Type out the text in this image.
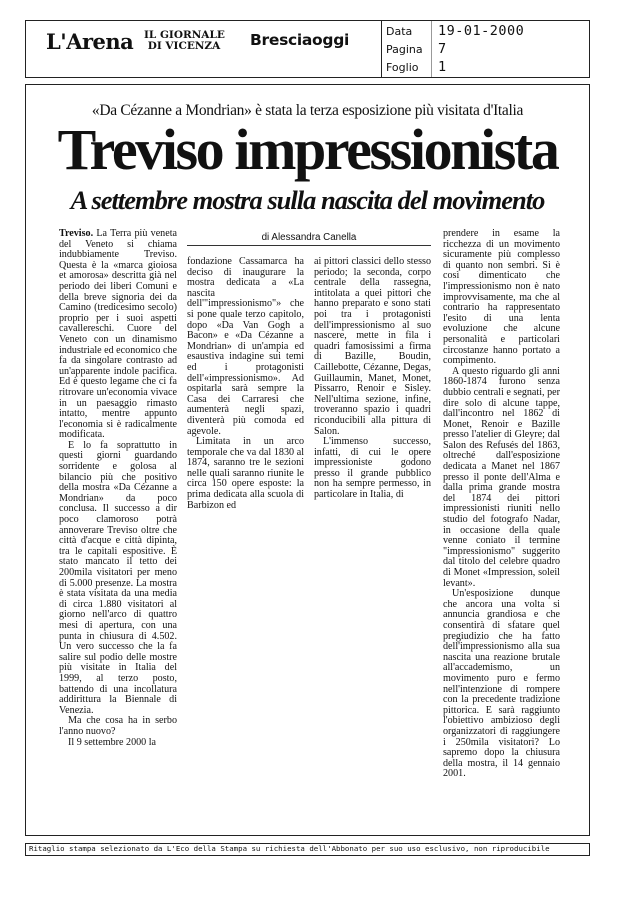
L'Arena IL GIORNALE
DI VICENZA Bresciaoggi	Data 19-01-2000
Pagina 7
Foglio 1
«Da Cézanne a Mondrian» è stata la terza esposizione più visitata d'Italia
Treviso impressionista
A settembre mostra sulla nascita del movimento
di Alessandra Canella

Treviso. La Terra più veneta del Veneto si chiama indubbiamente Treviso. Questa è la «marca gioiosa et amorosa» descritta già nel periodo dei liberi Comuni e della breve signoria dei da Camino (tredicesimo secolo) proprio per i suoi aspetti cavallereschi. Cuore del Veneto con un dinamismo industriale ed economico che fa da singolare contrasto ad un'apparente indole pacifica. Ed è questo legame che ci fa ritrovare un'economia vivace in un paesaggio rimasto intatto, mentre appunto l'economia si è radicalmente modificata.

E lo fa soprattutto in questi giorni guardando sorridente e golosa al bilancio più che positivo della mostra «Da Cézanne a Mondrian» da poco conclusa. Il successo a dir poco clamoroso potrà annoverare Treviso oltre che città d'acque e città dipinta, tra le capitali espositive. È stato mancato il tetto dei 200mila visitatori per meno di 5.000 presenze. La mostra è stata visitata da una media di circa 1.880 visitatori al giorno nell'arco di quattro mesi di apertura, con una punta in chiusura di 4.502. Un vero successo che la fa salire sul podio delle mostre più visitate in Italia del 1999, al terzo posto, battendo di una incollatura addirittura la Biennale di Venezia.

Ma che cosa ha in serbo l'anno nuovo?

Il 9 settembre 2000 la

fondazione Cassamarca ha deciso di inaugurare la mostra dedicata a «La nascita dell'"impressionismo"» che si pone quale terzo capitolo, dopo «Da Van Gogh a Bacon» e «Da Cézanne a Mondrian» di un'ampia ed esaustiva indagine sui temi ed i protagonisti dell'«impressionismo». Ad ospitarla sarà sempre la Casa dei Carraresi che aumenterà negli spazi, diventerà più comoda ed agevole.

Limitata in un arco temporale che va dal 1830 al 1874, saranno tre le sezioni nelle quali saranno riunite le circa 150 opere esposte: la prima dedicata alla scuola di Barbizon ed

ai pittori classici dello stesso periodo; la seconda, corpo centrale della rassegna, intitolata a quei pittori che hanno preparato e sono stati poi tra i protagonisti dell'impressionismo al suo nascere, mette in fila i quadri famosissimi a firma di Bazille, Boudin, Caillebotte, Cézanne, Degas, Guillaumin, Manet, Monet, Pissarro, Renoir e Sisley. Nell'ultima sezione, infine, troveranno spazio i quadri riconducibili alla pittura di Salon.

L'immenso successo, infatti, di cui le opere impressioniste godono presso il grande pubblico non ha sempre permesso, in particolare in Italia, di

prendere in esame la ricchezza di un movimento sicuramente più complesso di quanto non sembri. Si è così dimenticato che l'impressionismo non è nato improvvisamente, ma che al contrario ha rappresentato l'esito di una lenta evoluzione che alcune personalità e particolari circostanze hanno portato a compimento.

A questo riguardo gli anni 1860-1874 furono senza dubbio centrali e segnati, per dire solo di alcune tappe, dall'incontro nel 1862 di Monet, Renoir e Bazille presso l'atelier di Gleyre; dal Salon des Refusés del 1863, oltreché dall'esposizione dedicata a Manet nel 1867 presso il ponte dell'Alma e dalla prima grande mostra del 1874 dei pittori impressionisti riuniti nello studio del fotografo Nadar, in occasione della quale venne coniato il termine "impressionismo" suggerito dal titolo del celebre quadro di Monet «Impression, soleil levant».

Un'esposizione dunque che ancora una volta si annuncia grandiosa e che consentirà di sfatare quel pregiudizio che ha fatto dell'impressionismo alla sua nascita una reazione brutale all'accademismo, un movimento puro e fermo nell'intenzione di rompere con la precedente tradizione pittorica. E sarà raggiunto l'obiettivo ambizioso degli organizzatori di raggiungere i 250mila visitatori? Lo sapremo dopo la chiusura della mostra, il 14 gennaio 2001.

Ritaglio stampa selezionato da L'Eco della Stampa su richiesta dell'Abbonato per suo uso esclusivo, non riproducibile
